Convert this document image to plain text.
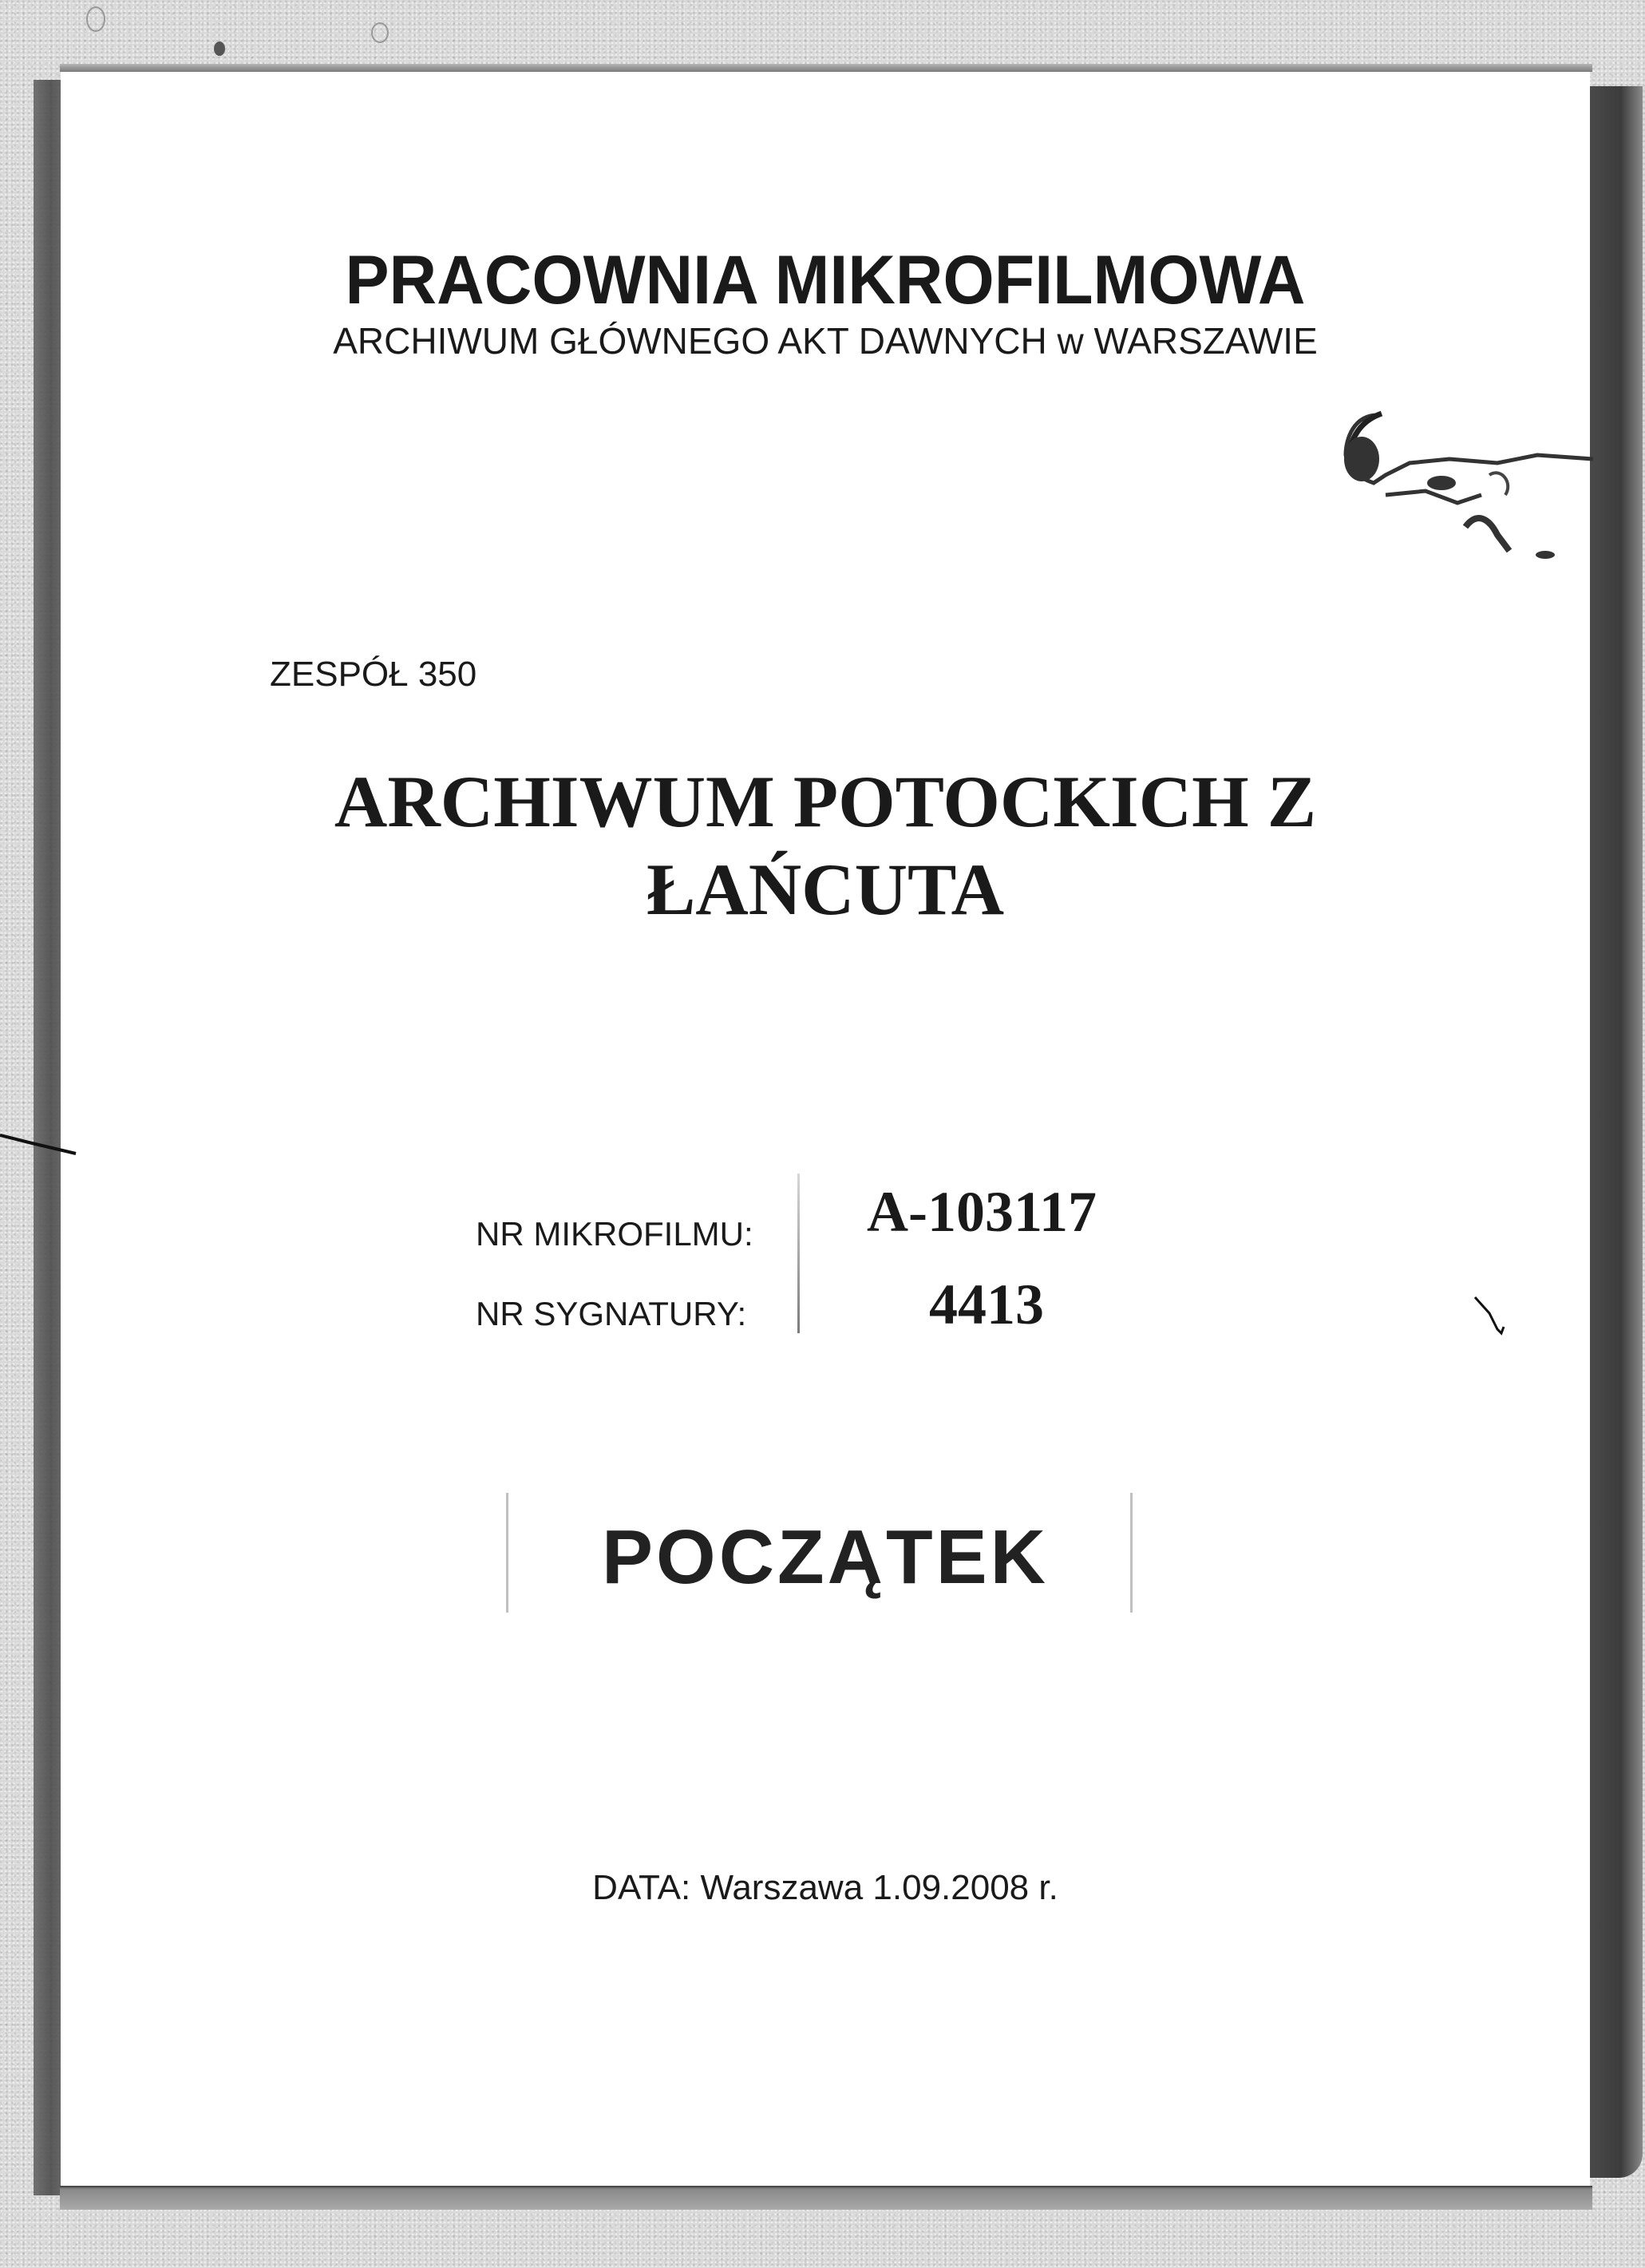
PRACOWNIA MIKROFILMOWA
ARCHIWUM GŁÓWNEGO AKT DAWNYCH w WARSZAWIE
ZESPÓŁ 350
ARCHIWUM POTOCKICH Z
ŁAŃCUTA
NR MIKROFILMU:
NR SYGNATURY:
A-103117
4413
POCZĄTEK
DATA: Warszawa 1.09.2008 r.
